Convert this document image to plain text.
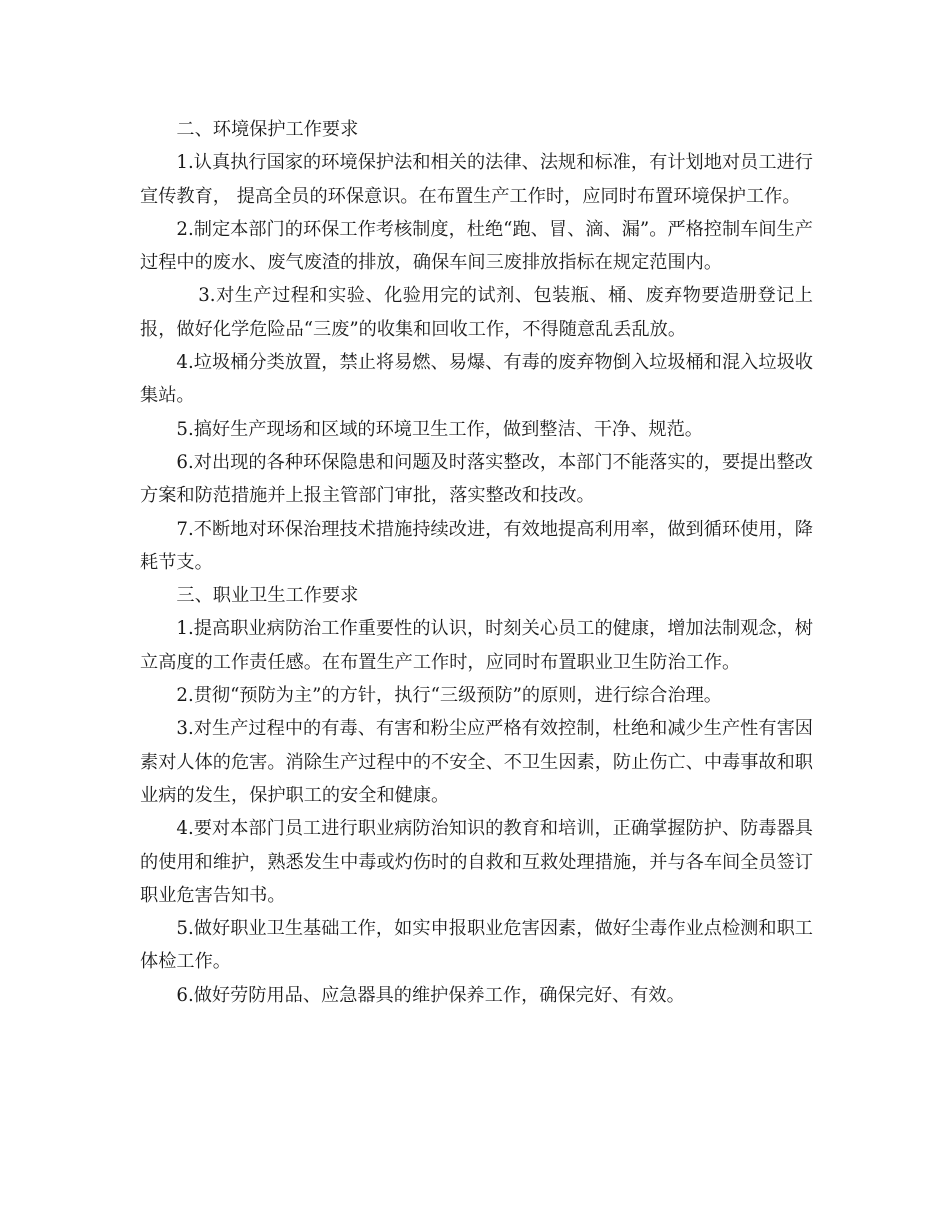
二、环境保护工作要求

1.认真执行国家的环境保护法和相关的法律、法规和标准，有计划地对员工进行宣传教育， 提高全员的环保意识。在布置生产工作时，应同时布置环境保护工作。

2.制定本部门的环保工作考核制度，杜绝“跑、冒、滴、漏”。严格控制车间生产过程中的废水、废气废渣的排放，确保车间三废排放指标在规定范围内。

3.对生产过程和实验、化验用完的试剂、包装瓶、桶、废弃物要造册登记上报，做好化学危险品“三废”的收集和回收工作，不得随意乱丢乱放。

4.垃圾桶分类放置，禁止将易燃、易爆、有毒的废弃物倒入垃圾桶和混入垃圾收集站。

5.搞好生产现场和区域的环境卫生工作，做到整洁、干净、规范。

6.对出现的各种环保隐患和问题及时落实整改，本部门不能落实的，要提出整改方案和防范措施并上报主管部门审批，落实整改和技改。

7.不断地对环保治理技术措施持续改进，有效地提高利用率，做到循环使用，降耗节支。

三、职业卫生工作要求

1.提高职业病防治工作重要性的认识，时刻关心员工的健康，增加法制观念，树立高度的工作责任感。在布置生产工作时，应同时布置职业卫生防治工作。

2.贯彻“预防为主”的方针，执行“三级预防”的原则，进行综合治理。

3.对生产过程中的有毒、有害和粉尘应严格有效控制，杜绝和减少生产性有害因素对人体的危害。消除生产过程中的不安全、不卫生因素，防止伤亡、中毒事故和职业病的发生，保护职工的安全和健康。

4.要对本部门员工进行职业病防治知识的教育和培训，正确掌握防护、防毒器具的使用和维护，熟悉发生中毒或灼伤时的自救和互救处理措施，并与各车间全员签订职业危害告知书。

5.做好职业卫生基础工作，如实申报职业危害因素，做好尘毒作业点检测和职工体检工作。

6.做好劳防用品、应急器具的维护保养工作，确保完好、有效。
